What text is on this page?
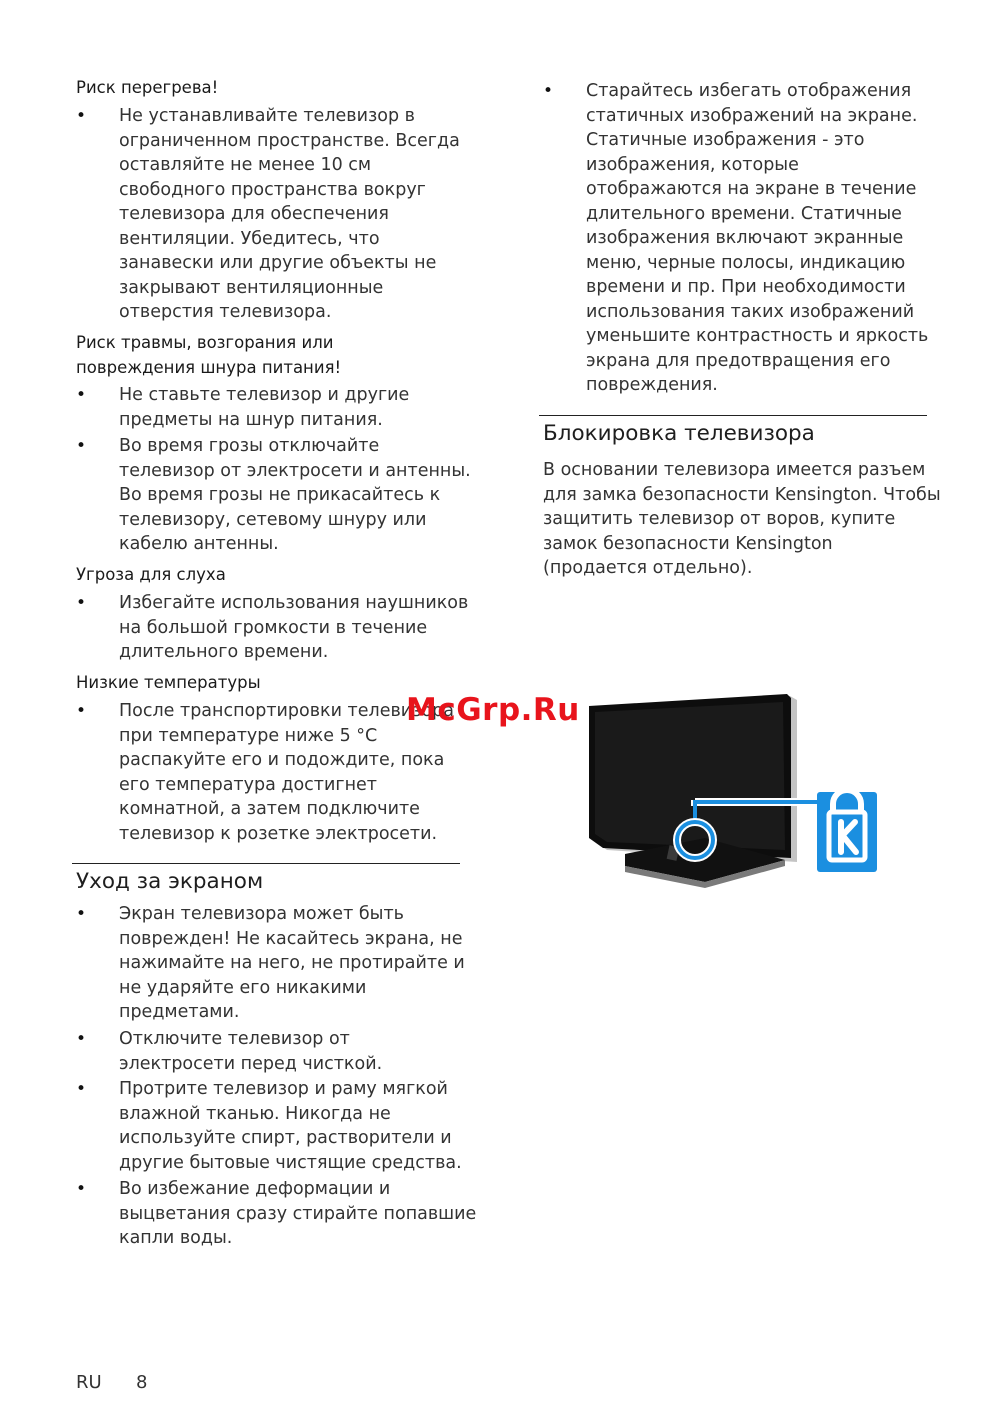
Риск перегрева!
• Не устанавливайте телевизор в
ограниченном пространстве. Всегда
оставляйте не менее 10 см
свободного пространства вокруг
телевизора для обеспечения
вентиляции. Убедитесь, что
занавески или другие объекты не
закрывают вентиляционные
отверстия телевизора.
Риск травмы, возгорания или
повреждения шнура питания!
• Не ставьте телевизор и другие
предметы на шнур питания.
• Во время грозы отключайте
телевизор от электросети и антенны.
Во время грозы не прикасайтесь к
телевизору, сетевому шнуру или
кабелю антенны.
Угроза для слуха
• Избегайте использования наушников
на большой громкости в течение
длительного времени.
Низкие температуры
• После транспортировки телевизора
при температуре ниже 5 °C
распакуйте его и подождите, пока
его температура достигнет
комнатной, а затем подключите
телевизор к розетке электросети.
Уход за экраном
• Экран телевизора может быть
поврежден! Не касайтесь экрана, не
нажимайте на него, не протирайте и
не ударяйте его никакими
предметами.
• Отключите телевизор от
электросети перед чисткой.
• Протрите телевизор и раму мягкой
влажной тканью. Никогда не
используйте спирт, растворители и
другие бытовые чистящие средства.
• Во избежание деформации и
выцветания сразу стирайте попавшие
капли воды.
• Старайтесь избегать отображения
статичных изображений на экране.
Статичные изображения - это
изображения, которые
отображаются на экране в течение
длительного времени. Статичные
изображения включают экранные
меню, черные полосы, индикацию
времени и пр. При необходимости
использования таких изображений
уменьшите контрастность и яркость
экрана для предотвращения его
повреждения.
Блокировка телевизора
В основании телевизора имеется разъем
для замка безопасности Kensington. Чтобы
защитить телевизор от воров, купите
замок безопасности Kensington
(продается отдельно).
McGrp.Ru
RU 8
